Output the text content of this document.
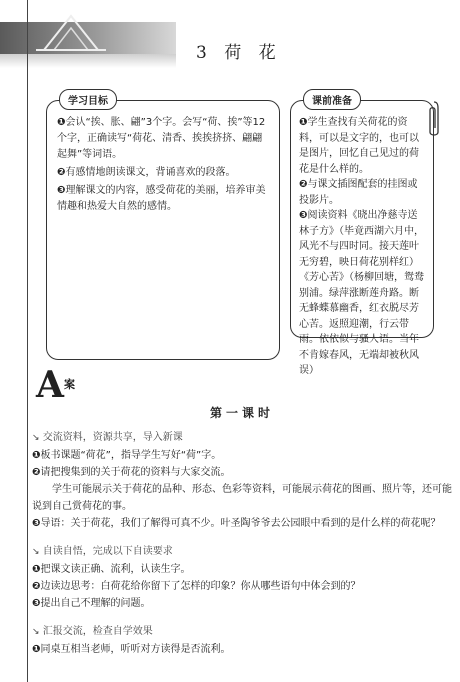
3 荷 花
学习目标

❶会认“挨、胀、翩”3个字。会写“荷、挨”等12个字，正确读写“荷花、清香、挨挨挤挤、翩翩起舞”等词语。

❷有感情地朗读课文，背诵喜欢的段落。

❸理解课文的内容，感受荷花的美丽，培养审美情趣和热爱大自然的感情。

课前准备

❶学生查找有关荷花的资料，可以是文字的，也可以是图片，回忆自己见过的荷花是什么样的。

❷与课文插图配套的挂图或投影片。

❸阅读资料《晓出净慈寺送林子方》（毕竟西湖六月中，风光不与四时同。接天莲叶无穷碧，映日荷花别样红）《芳心苦》（杨柳回塘，鸳鸯别浦。绿萍涨断莲舟路。断无蜂蝶慕幽香，红衣脱尽芳心苦。返照迎潮，行云带雨。依依似与骚人语。当年不肯嫁春风，无端却被秋风误）

A 案
第一课时

↘ 交流资料，资源共享，导入新课

❶板书课题“荷花”，指导学生写好“荷”字。

❷请把搜集到的关于荷花的资料与大家交流。

学生可能展示关于荷花的品种、形态、色彩等资料，可能展示荷花的图画、照片等，还可能说到自己赏荷花的事。

❸导语：关于荷花，我们了解得可真不少。叶圣陶爷爷去公园眼中看到的是什么样的荷花呢？

↘ 自读自悟，完成以下自读要求

❶把课文读正确、流利，认读生字。

❷边读边思考：白荷花给你留下了怎样的印象？你从哪些语句中体会到的？

❸提出自己不理解的问题。

↘ 汇报交流，检查自学效果

❶同桌互相当老师，听听对方读得是否流利。
